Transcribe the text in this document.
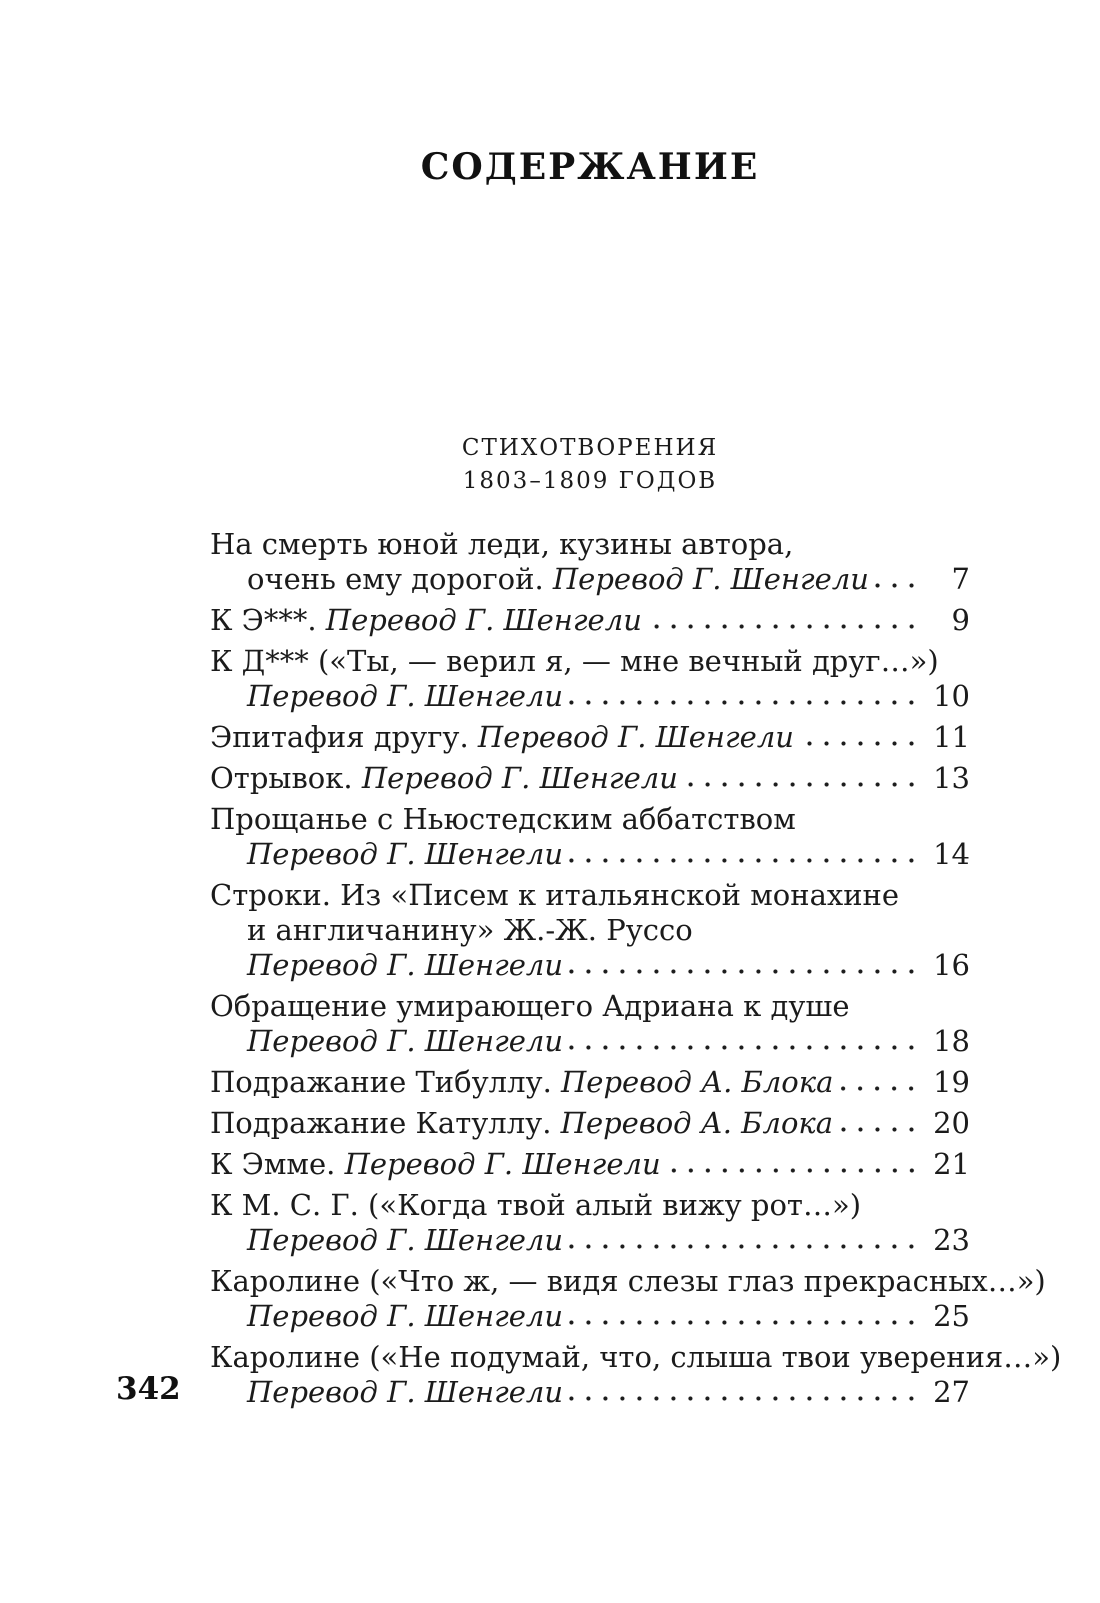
СОДЕРЖАНИЕ
СТИХОТВОРЕНИЯ
1803–1809 ГОДОВ
На смерть юной леди, кузины автора,
очень ему дорогой. Перевод Г. Шенгели	7
К Э***. Перевод Г. Шенгели	9
К Д*** («Ты, — верил я, — мне вечный друг…»)
Перевод Г. Шенгели	10
Эпитафия другу. Перевод Г. Шенгели	11
Отрывок. Перевод Г. Шенгели	13
Прощанье с Ньюстедским аббатством
Перевод Г. Шенгели	14
Строки. Из «Писем к итальянской монахине
и англичанину» Ж.-Ж. Руссо
Перевод Г. Шенгели	16
Обращение умирающего Адриана к душе
Перевод Г. Шенгели	18
Подражание Тибуллу. Перевод А. Блока	19
Подражание Катуллу. Перевод А. Блока	20
К Эмме. Перевод Г. Шенгели	21
К М. С. Г. («Когда твой алый вижу рот…»)
Перевод Г. Шенгели	23
Каролине («Что ж, — видя слезы глаз прекрасных…»)
Перевод Г. Шенгели	25
Каролине («Не подумай, что, слыша твои уверения…»)
Перевод Г. Шенгели	27
342
